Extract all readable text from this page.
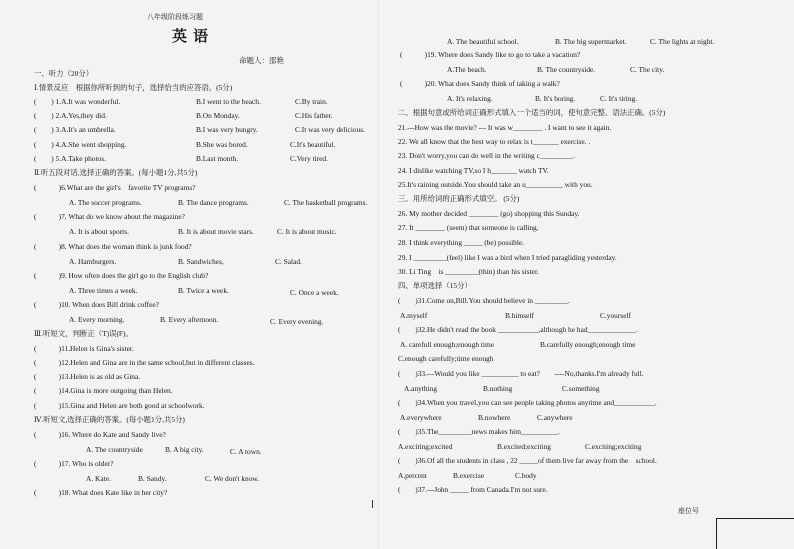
八年级阶段练习题
英语
命题人：邵艳
一、听力（20分）
Ⅰ.情景反应　根据你所听到的句子，选择恰当的应答语。(5分)
(　　) 1.A.It was wonderful.	B.I went to the beach.	C.By train.
(　　) 2.A.Yes,they did.	B.On Monday.	C.His father.
(　　) 3.A.It's an umbrella.	B.I was very hungry.	C.It was very delicious.
(　　) 4.A.She went shopping.	B.She was bored.	C.It's beautiful.
(　　) 5.A.Take photos.	B.Last month.	C.Very tired.
Ⅱ.听五段对话,选择正确的答案。(每小题1分,共5分)
(　　　)6.What are the girl's　favorite TV programs?
A. The soccer programs.	B. The dance programs.	C. The basketball programs.
(　　　)7. What do we know about the magazine?
A. It is about sports.	B. It is about movie stars.	C. It is about music.
(　　　)8. What does the woman think is junk food?
A. Hamburgers.	B. Sandwiches,	C. Salad.
(　　　)9. How often does the girl go to the English club?
A. Three times a week.	B. Twice a week.	C. Once a week.
(　　　)10. When does Bill drink coffee?
A. Every morning.	B. Every afternoon.	C. Every evening.
Ⅲ.听短文，判断正（T)误(F)。
(　　　)11.Helen is Gina's sister.
(　　　)12.Helen and Gina are in the same school,but in different classes.
(　　　)13.Helen is as old as Gina.
(　　　)14.Gina is more outgoing than Helen.
(　　　)15.Gina and Helen are both good at schoolwork.
Ⅳ.听短文,选择正确的答案。(每小题1分,共5分)
(　　　)16. Where do Kate and Sandy live?
A. The countryside	B. A big city.	C. A town.
(　　　)17. Who is older?
A. Kate.	B. Sandy.	C. We don't know.
(　　　)18. What does Kate like in her city?
A. The beautiful school.	B. The big supermarket.	C. The lights at night.
(　　　)19. Where does Sandy like to go to take a vacation?
A.The beach.	B. The countryside.	C. The city.
(　　　)20. What does Sandy think of taking a walk?
A. It's relaxing.	B. It's boring.	C. It's tiring.
二、根据句意或所给词正确形式填入一个适当的词，使句意完整、语法正确。(5分)
21.---How was the movie? --- It was w________ . I want to see it again.
22. We all know that the best way to relax is t_______ exercise. .
23. Don't worry,you can do well in the writing c_________.
24. I dislike watching TV,so I h_______ watch TV.
25.It's raining outside.You should take an u__________ with you.
三、用所给词的正确形式填空。 (5分)
26. My mother decided ________ (go) shopping this Sunday.
27. It ________ (seem) that someone is calling.
28. I think everything _____ (be) possible.
29. I _________(feel) like I was a bird when I tried paragliding yesterday.
30. Li Ting　is _________(thin) than his sister.
四、单项选择（15分）
(　　)31.Come on,Bill.You should believe in _________.
A.myself	B.himself	C.yourself
(　　)32.He didn't read the book ___________,although he had_____________.
A. carefull enough;enough time	B.carefully enough;enough time
C.enough carefully;time enough
(　　)33.---Would you like __________ to eat?　　----No,thanks.I'm already full.
A.anything	B.nothing	C.something
(　　)34.When you travel,you can see people taking photos anytime and___________.
A.everywhere	B.nowhere	C.anywhere
(　　)35.The_________news makes him__________.
A.exciting;excited	B.excited;exciting	C.exciting;exciting
(　　)36.Of all the students in class , 22 _____of them live far away from the　school.
A.percent	B.exercise	C.body
(　　)37.---John _____ from Canada.I'm not sure.
座位号
